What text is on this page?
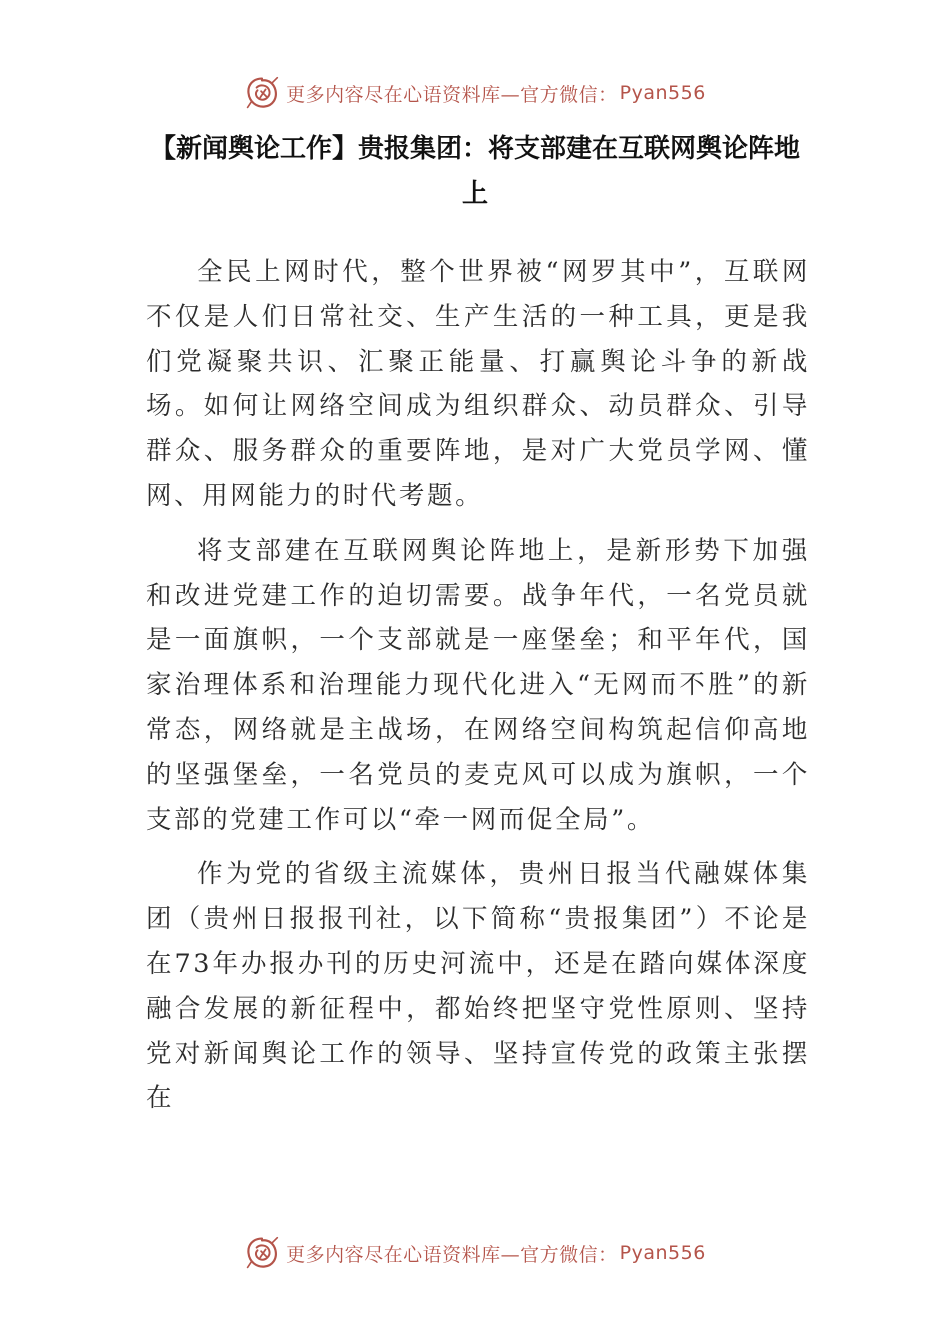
更多内容尽在心语资料库—官方微信： Pyan556
【新闻舆论工作】贵报集团：将支部建在互联网舆论阵地上

全民上网时代，整个世界被“网罗其中”，互联网不仅是人们日常社交、生产生活的一种工具，更是我们党凝聚共识、汇聚正能量、打赢舆论斗争的新战场。如何让网络空间成为组织群众、动员群众、引导群众、服务群众的重要阵地，是对广大党员学网、懂网、用网能力的时代考题。

将支部建在互联网舆论阵地上，是新形势下加强和改进党建工作的迫切需要。战争年代，一名党员就是一面旗帜，一个支部就是一座堡垒；和平年代，国家治理体系和治理能力现代化进入“无网而不胜”的新常态，网络就是主战场，在网络空间构筑起信仰高地的坚强堡垒，一名党员的麦克风可以成为旗帜，一个支部的党建工作可以“牵一网而促全局”。

作为党的省级主流媒体，贵州日报当代融媒体集团（贵州日报报刊社，以下简称“贵报集团”）不论是在73年办报办刊的历史河流中，还是在踏向媒体深度融合发展的新征程中，都始终把坚守党性原则、坚持党对新闻舆论工作的领导、坚持宣传党的政策主张摆在

更多内容尽在心语资料库—官方微信： Pyan556
